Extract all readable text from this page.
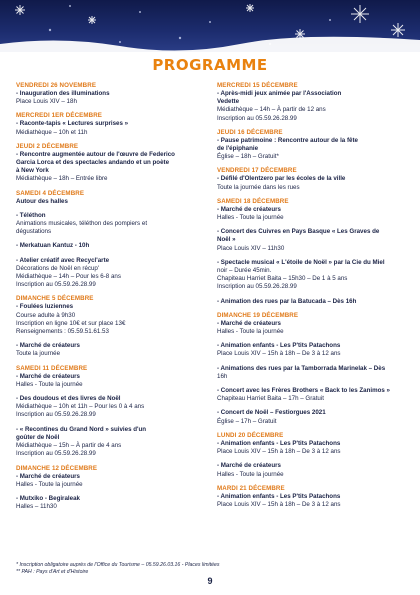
PROGRAMME
VENDREDI 26 NOVEMBRE
- Inauguration des illuminations
Place Louis XIV – 18h
MERCREDI 1ER DÉCEMBRE
- Raconte-tapis « Lectures surprises »
Médiathèque – 10h et 11h
JEUDI 2 DÉCEMBRE
- Rencontre augmentée autour de l'œuvre de Federico
Garcia Lorca et des spectacles andando et un poète
à New York
Médiathèque – 18h – Entrée libre
SAMEDI 4 DÉCEMBRE
Autour des halles
- Téléthon
Animations musicales, téléthon des pompiers et
dégustations
- Merkatuan Kantuz - 10h
- Atelier créatif avec Recycl'arte
Décorations de Noël en récup'
Médiathèque – 14h – Pour les 6-8 ans
Inscription au 05.59.26.28.99
DIMANCHE 5 DÉCEMBRE
- Foulées luziennes
Course adulte à 9h30
Inscription en ligne 10€ et sur place 13€
Renseignements : 05.59.51.61.53
- Marché de créateurs
Toute la journée
SAMEDI 11 DÉCEMBRE
- Marché de créateurs
Halles - Toute la journée
- Des doudous et des livres de Noël
Médiathèque – 10h et 11h – Pour les 0 à 4 ans
Inscription au 05.59.26.28.99
- « Recontines du Grand Nord » suivies d'un
goûter de Noël
Médiathèque – 15h – À partir de 4 ans
Inscription au 05.59.26.28.99
DIMANCHE 12 DÉCEMBRE
- Marché de créateurs
Halles - Toute la journée
- Mutxiko - Begiraleak
Halles – 11h30
MERCREDI 15 DÉCEMBRE
- Après-midi jeux animée par l'Association
Vedette
Médiathèque – 14h – À partir de 12 ans
Inscription au 05.59.26.28.99
JEUDI 16 DÉCEMBRE
- Pause patrimoine : Rencontre autour de la fête
de l'épiphanie
Église – 18h – Gratuit*
VENDREDI 17 DÉCEMBRE
- Défilé d'Olentzero par les écoles de la ville
Toute la journée dans les rues
SAMEDI 18 DÉCEMBRE
- Marché de créateurs
Halles - Toute la journée
- Concert des Cuivres en Pays Basque « Les Graves de
Noël »
Place Louis XIV – 11h30
- Spectacle musical « L'étoile de Noël » par la Cie du Miel
noir – Durée 45min.
Chapiteau Harriet Baita – 15h30 – De 1 à 5 ans
Inscription au 05.59.26.28.99
- Animation des rues par la Batucada – Dès 16h
DIMANCHE 19 DÉCEMBRE
- Marché de créateurs
Halles - Toute la journée
- Animation enfants - Les P'tits Patachons
Place Louis XIV – 15h à 18h – De 3 à 12 ans
- Animations des rues par la Tamborrada Marinelak – Dès
16h
- Concert avec les Frères Brothers « Back to les Zanimos »
Chapiteau Harriet Baita – 17h – Gratuit
- Concert de Noël – Festiorgues 2021
Église – 17h – Gratuit
LUNDI 20 DÉCEMBRE
- Animation enfants - Les P'tits Patachons
Place Louis XIV – 15h à 18h – De 3 à 12 ans
- Marché de créateurs
Halles - Toute la journée
MARDI 21 DÉCEMBRE
- Animation enfants - Les P'tits Patachons
Place Louis XIV – 15h à 18h – De 3 à 12 ans
* Inscription obligatoire auprès de l'Office du Tourisme – 05.59.26.03.16 - Places limitées
** PAH : Pays d'Art et d'Histoire
9
